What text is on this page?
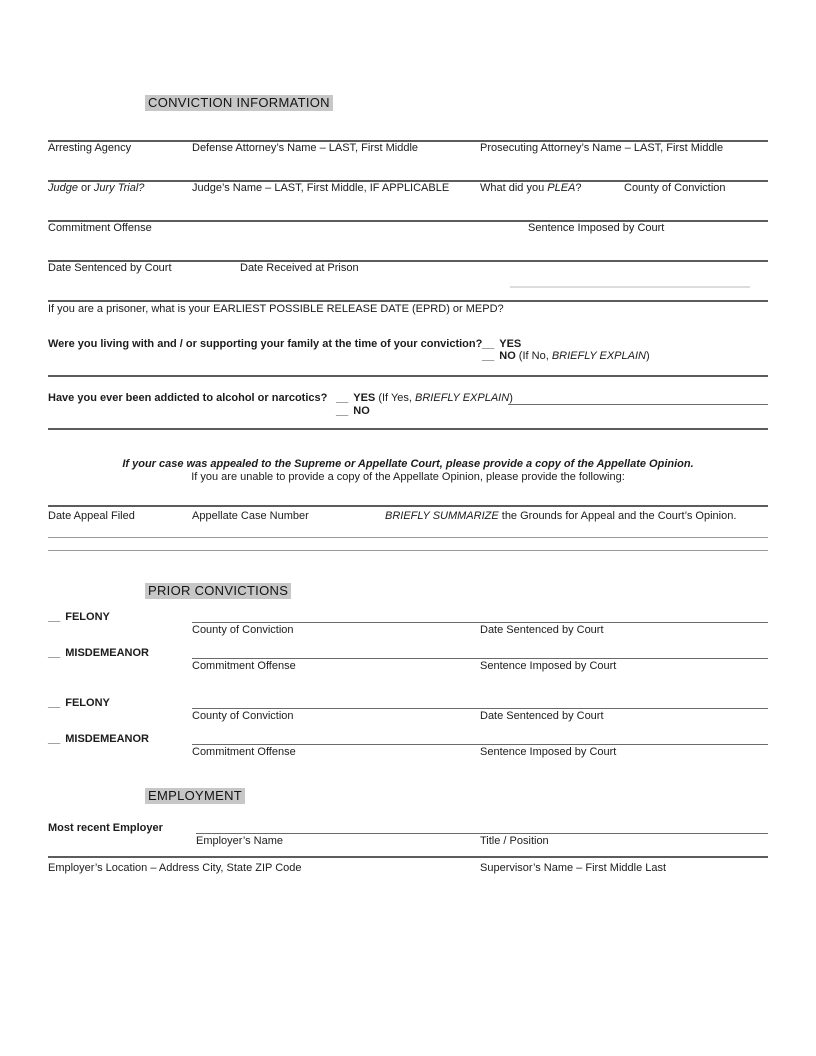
CONVICTION INFORMATION
Arresting Agency	Defense Attorney’s Name – LAST, First Middle	Prosecuting Attorney’s Name – LAST, First Middle
Judge or Jury Trial?	Judge’s Name – LAST, First Middle, IF APPLICABLE	What did you PLEA?	County of Conviction
Commitment Offense	Sentence Imposed by Court
Date Sentenced by Court	Date Received at Prison
If you are a prisoner, what is your EARLIEST POSSIBLE RELEASE DATE (EPRD) or MEPD?
Were you living with and / or supporting your family at the time of your conviction? __ YES
__ NO (If No, BRIEFLY EXPLAIN)
Have you ever been addicted to alcohol or narcotics? __ YES (If Yes, BRIEFLY EXPLAIN)
__ NO
If your case was appealed to the Supreme or Appellate Court, please provide a copy of the Appellate Opinion.
If you are unable to provide a copy of the Appellate Opinion, please provide the following:
Date Appeal Filed	Appellate Case Number	BRIEFLY SUMMARIZE the Grounds for Appeal and the Court’s Opinion.
PRIOR CONVICTIONS
__ FELONY
County of Conviction	Date Sentenced by Court
__ MISDEMEANOR
Commitment Offense	Sentence Imposed by Court
__ FELONY
County of Conviction	Date Sentenced by Court
__ MISDEMEANOR
Commitment Offense	Sentence Imposed by Court
EMPLOYMENT
Most recent Employer
Employer’s Name	Title / Position
Employer’s Location – Address City, State ZIP Code	Supervisor’s Name – First Middle Last
